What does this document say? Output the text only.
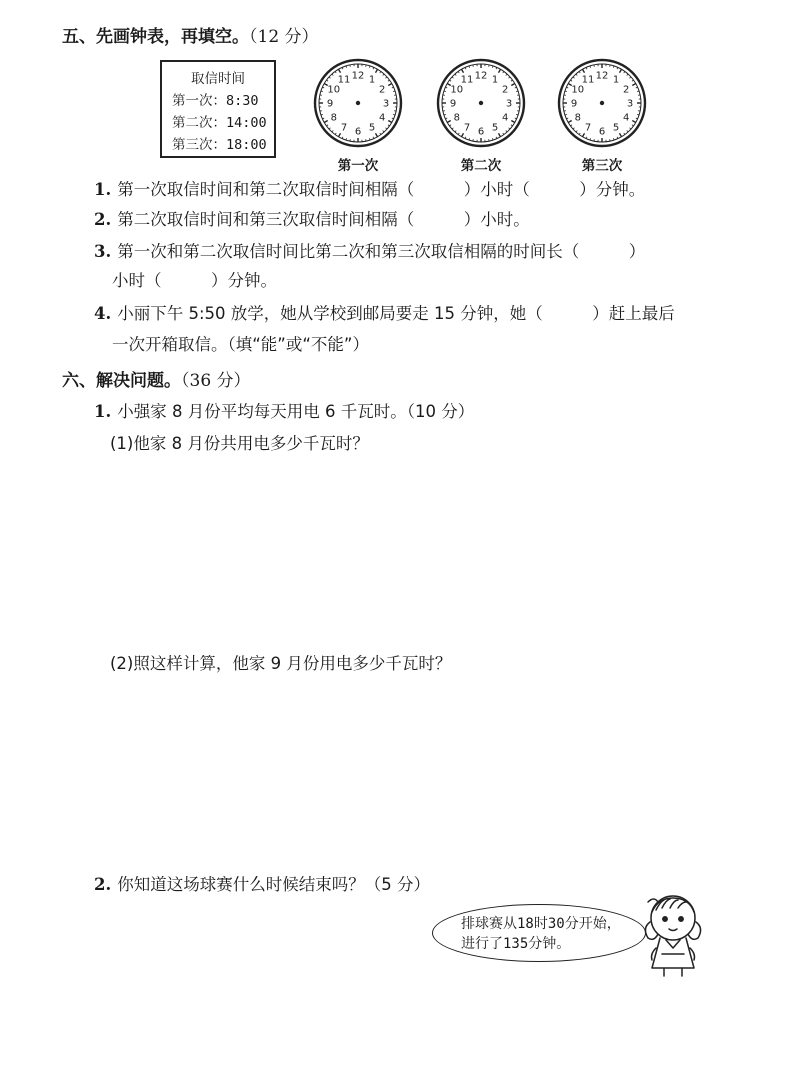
五、先画钟表，再填空。（12 分）
取信时间
第一次：8:30
第二次：14:00
第三次：18:00
12 1
2
3
4
5
6
7
8
9
10
11
第一次
12 1
2
3
4
5
6
7
8
9
10
11
第二次
12 1
2
3
4
5
6
7
8
9
10
11
第三次
1. 第一次取信时间和第二次取信时间相隔（　　　）小时（　　　）分钟。
2. 第二次取信时间和第三次取信时间相隔（　　　）小时。
3. 第一次和第二次取信时间比第二次和第三次取信相隔的时间长（　　　）
小时（　　　）分钟。
4. 小丽下午 5:50 放学，她从学校到邮局要走 15 分钟，她（　　　）赶上最后
一次开箱取信。（填“能”或“不能”）
六、解决问题。（36 分）
1. 小强家 8 月份平均每天用电 6 千瓦时。（10 分）
(1)他家 8 月份共用电多少千瓦时？
(2)照这样计算，他家 9 月份用电多少千瓦时？
2. 你知道这场球赛什么时候结束吗？（5 分）
排球赛从18时30分开始，
进行了135分钟。
